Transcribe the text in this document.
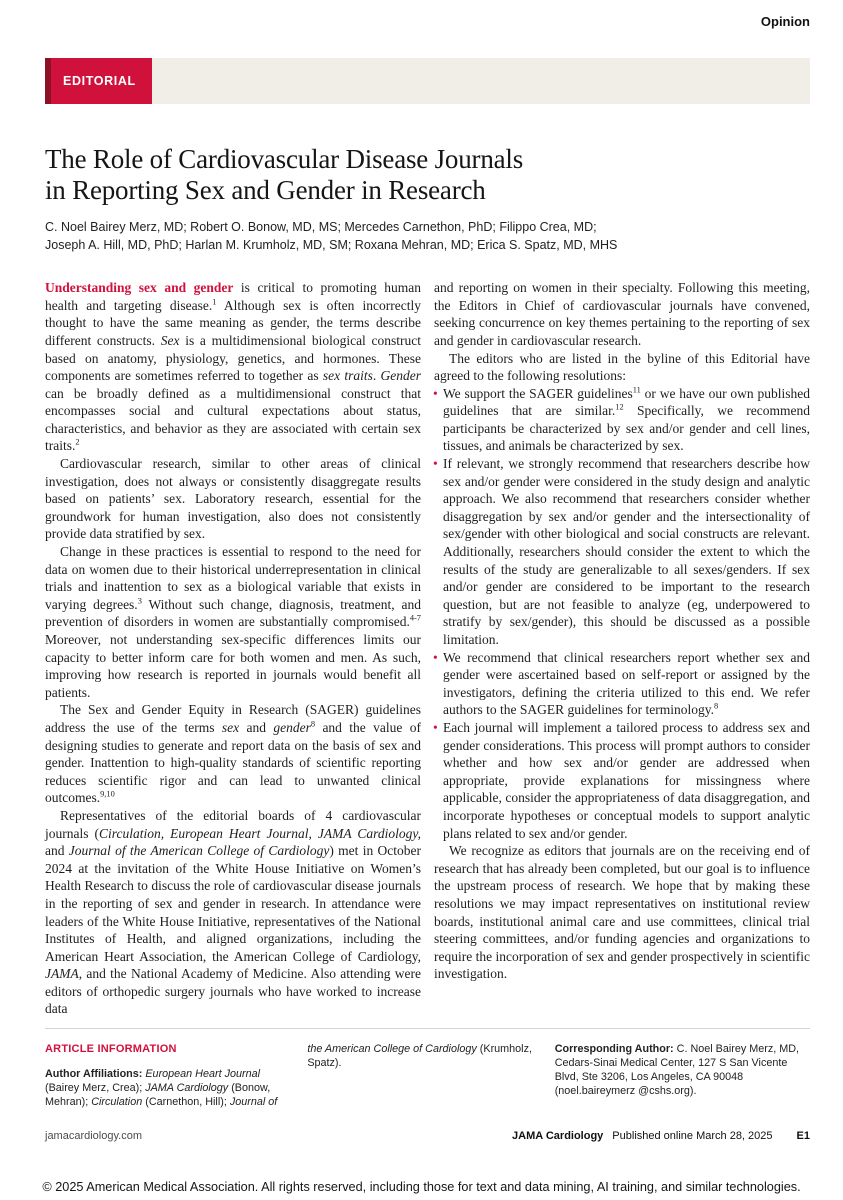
Opinion
EDITORIAL
The Role of Cardiovascular Disease Journals
in Reporting Sex and Gender in Research
C. Noel Bairey Merz, MD; Robert O. Bonow, MD, MS; Mercedes Carnethon, PhD; Filippo Crea, MD;
Joseph A. Hill, MD, PhD; Harlan M. Krumholz, MD, SM; Roxana Mehran, MD; Erica S. Spatz, MD, MHS
Understanding sex and gender is critical to promoting human health and targeting disease.$^1$ Although sex is often incorrectly thought to have the same meaning as gender, the terms describe different constructs. Sex is a multidimensional biological construct based on anatomy, physiology, genetics, and hormones. These components are sometimes referred to together as sex traits. Gender can be broadly defined as a multidimensional construct that encompasses social and cultural expectations about status, characteristics, and behavior as they are associated with certain sex traits.$^2$
Cardiovascular research, similar to other areas of clinical investigation, does not always or consistently disaggregate results based on patients’ sex. Laboratory research, essential for the groundwork for human investigation, also does not consistently provide data stratified by sex.
Change in these practices is essential to respond to the need for data on women due to their historical underrepresentation in clinical trials and inattention to sex as a biological variable that exists in varying degrees.$^3$ Without such change, diagnosis, treatment, and prevention of disorders in women are substantially compromised.$^{4-7}$ Moreover, not understanding sex-specific differences limits our capacity to better inform care for both women and men. As such, improving how research is reported in journals would benefit all patients.
The Sex and Gender Equity in Research (SAGER) guidelines address the use of the terms sex and gender$^8$ and the value of designing studies to generate and report data on the basis of sex and gender. Inattention to high-quality standards of scientific reporting reduces scientific rigor and can lead to unwanted clinical outcomes.$^{9,10}$
Representatives of the editorial boards of 4 cardiovascular journals (Circulation, European Heart Journal, JAMA Cardiology, and Journal of the American College of Cardiology) met in October 2024 at the invitation of the White House Initiative on Women’s Health Research to discuss the role of cardiovascular disease journals in the reporting of sex and gender in research. In attendance were leaders of the White House Initiative, representatives of the National Institutes of Health, and aligned organizations, including the American Heart Association, the American College of Cardiology, JAMA, and the National Academy of Medicine. Also attending were editors of orthopedic surgery journals who have worked to increase data
and reporting on women in their specialty. Following this meeting, the Editors in Chief of cardiovascular journals have convened, seeking concurrence on key themes pertaining to the reporting of sex and gender in cardiovascular research.
The editors who are listed in the byline of this Editorial have agreed to the following resolutions:
• We support the SAGER guidelines$^{11}$ or we have our own published guidelines that are similar.$^{12}$ Specifically, we recommend participants be characterized by sex and/or gender and cell lines, tissues, and animals be characterized by sex.
• If relevant, we strongly recommend that researchers describe how sex and/or gender were considered in the study design and analytic approach. We also recommend that researchers consider whether disaggregation by sex and/or gender and the intersectionality of sex/gender with other biological and social constructs are relevant. Additionally, researchers should consider the extent to which the results of the study are generalizable to all sexes/genders. If sex and/or gender are considered to be important to the research question, but are not feasible to analyze (eg, underpowered to stratify by sex/gender), this should be discussed as a possible limitation.
• We recommend that clinical researchers report whether sex and gender were ascertained based on self-report or assigned by the investigators, defining the criteria utilized to this end. We refer authors to the SAGER guidelines for terminology.$^8$
• Each journal will implement a tailored process to address sex and gender considerations. This process will prompt authors to consider whether and how sex and/or gender are addressed when appropriate, provide explanations for missingness where applicable, consider the appropriateness of data disaggregation, and incorporate hypotheses or conceptual models to support analytic plans related to sex and/or gender.
We recognize as editors that journals are on the receiving end of research that has already been completed, but our goal is to influence the upstream process of research. We hope that by making these resolutions we may impact representatives on institutional review boards, institutional animal care and use committees, clinical trial steering committees, and/or funding agencies and organizations to require the incorporation of sex and gender prospectively in scientific investigation.
ARTICLE INFORMATION
Author Affiliations: European Heart Journal (Bairey Merz, Crea); JAMA Cardiology (Bonow, Mehran); Circulation (Carnethon, Hill); Journal of
the American College of Cardiology (Krumholz, Spatz).
Corresponding Author: C. Noel Bairey Merz, MD, Cedars-Sinai Medical Center, 127 S San Vicente Blvd, Ste 3206, Los Angeles, CA 90048 (noel.baireymerz @cshs.org).
jamacardiology.com	JAMA Cardiology Published online March 28, 2025 E1
© 2025 American Medical Association. All rights reserved, including those for text and data mining, AI training, and similar technologies.
